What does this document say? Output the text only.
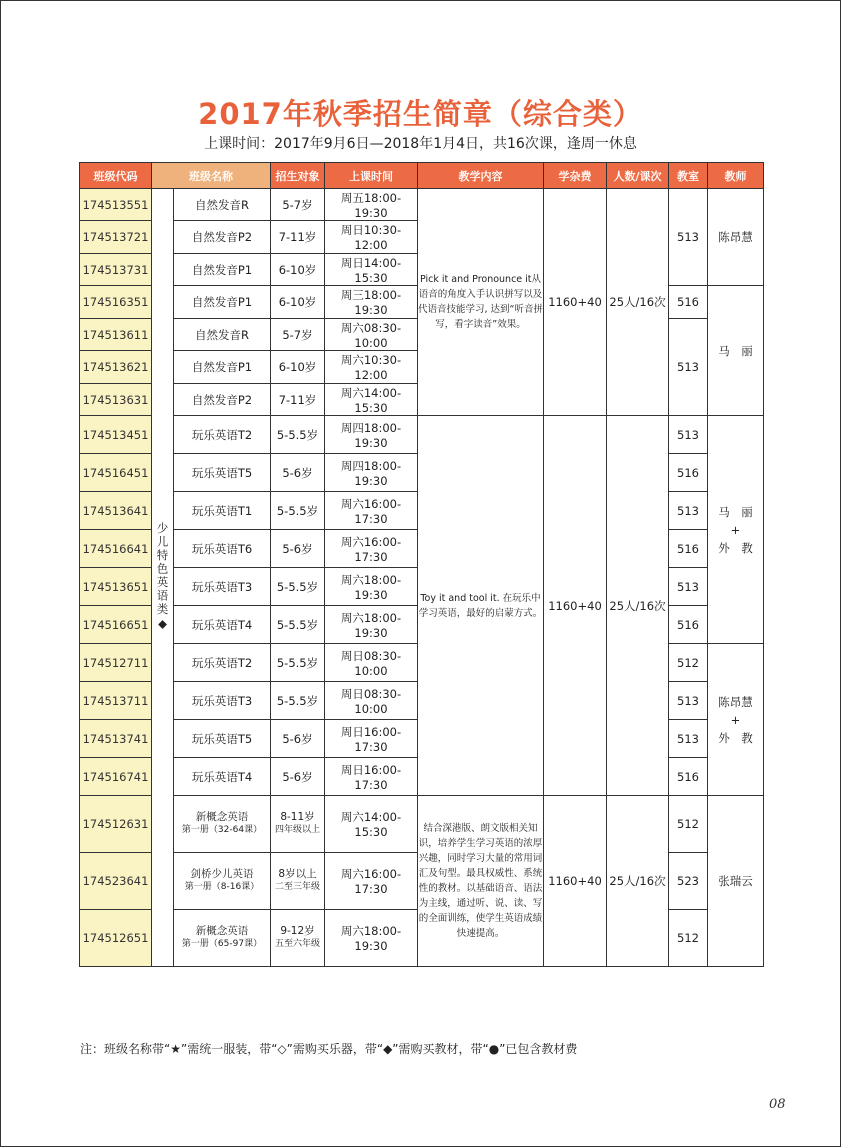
2017年秋季招生简章（综合类）
上课时间：2017年9月6日—2018年1月4日，共16次课，逢周一休息
班级代码	班级名称		招生对象	上课时间	教学内容	学杂费	人数/课次	教室	教师
174513551	少儿特色英语类◆	自然发音R	5-7岁	周五18:00-19:30	Pick it and Pronounce it从语音的角度入手认识拼写以及代语音技能学习, 达到“听音拼写，看字读音”效果。	1160+40	25人/16次	513	陈昂慧
174513721		自然发音P2	7-11岁	周日10:30-12:00					
174513731		自然发音P1	6-10岁	周日14:00-15:30					
174516351		自然发音P1	6-10岁	周三18:00-19:30				516	马　丽
174513611		自然发音R	5-7岁	周六08:30-10:00				513	
174513621		自然发音P1	6-10岁	周六10:30-12:00					
174513631		自然发音P2	7-11岁	周六14:00-15:30					
174513451		玩乐英语T2	5-5.5岁	周四18:00-19:30	Toy it and tool it. 在玩乐中学习英语，最好的启蒙方式。	1160+40	25人/16次	513	马　丽
+
外　教

174516451		玩乐英语T5	5-6岁	周四18:00-19:30				516	
174513641		玩乐英语T1	5-5.5岁	周六16:00-17:30				513	
174516641		玩乐英语T6	5-6岁	周六16:00-17:30				516	
174513651		玩乐英语T3	5-5.5岁	周六18:00-19:30				513	
174516651		玩乐英语T4	5-5.5岁	周六18:00-19:30				516	
174512711		玩乐英语T2	5-5.5岁	周日08:30-10:00				512	陈昂慧
+
外　教

174513711		玩乐英语T3	5-5.5岁	周日08:30-10:00				513	
174513741		玩乐英语T5	5-6岁	周日16:00-17:30				513	
174516741		玩乐英语T4	5-6岁	周日16:00-17:30				516	
174512631		新概念英语
第一册（32-64课）	8-11岁
四年级以上	周六14:00-15:30	结合深港版、朗文版相关知识，培养学生学习英语的浓厚兴趣，同时学习大量的常用词汇及句型。最具权威性、系统性的教材。以基础语音、语法为主线，通过听、说、读、写的全面训练，使学生英语成绩快速提高。	1160+40	25人/16次	512	张瑞云
174523641		剑桥少儿英语
第一册（8-16课）	8岁以上
二至三年级	周六16:00-17:30				523	
174512651		新概念英语
第一册（65-97课）	9-12岁
五至六年级	周六18:00-19:30				512	
注：班级名称带“★”需统一服装，带“◇”需购买乐器，带“◆”需购买教材，带“●”已包含教材费
08
